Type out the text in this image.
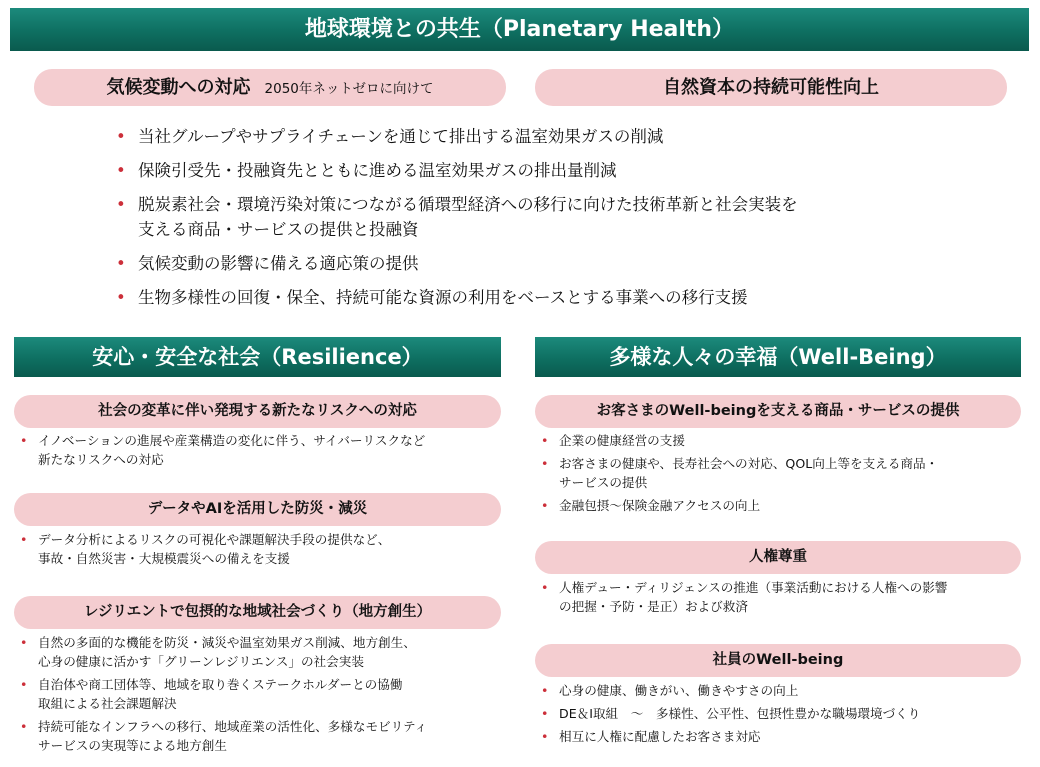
地球環境との共生（Planetary Health）
気候変動への対応 2050年ネットゼロに向けて	自然資本の持続可能性向上
• 当社グループやサプライチェーンを通じて排出する温室効果ガスの削減
• 保険引受先・投融資先とともに進める温室効果ガスの排出量削減
• 脱炭素社会・環境汚染対策につながる循環型経済への移行に向けた技術革新と社会実装を
支える商品・サービスの提供と投融資
• 気候変動の影響に備える適応策の提供
• 生物多様性の回復・保全、持続可能な資源の利用をベースとする事業への移行支援
安心・安全な社会（Resilience）	多様な人々の幸福（Well-Being）
社会の変革に伴い発現する新たなリスクへの対応
• イノベーションの進展や産業構造の変化に伴う、サイバーリスクなど
新たなリスクへの対応
データやAIを活用した防災・減災
• データ分析によるリスクの可視化や課題解決手段の提供など、
事故・自然災害・大規模震災への備えを支援
レジリエントで包摂的な地域社会づくり（地方創生）
• 自然の多面的な機能を防災・減災や温室効果ガス削減、地方創生、
心身の健康に活かす「グリーンレジリエンス」の社会実装
• 自治体や商工団体等、地域を取り巻くステークホルダーとの協働
取組による社会課題解決
• 持続可能なインフラへの移行、地域産業の活性化、多様なモビリティ
サービスの実現等による地方創生
お客さまのWell-beingを支える商品・サービスの提供
• 企業の健康経営の支援
• お客さまの健康や、長寿社会への対応、QOL向上等を支える商品・
サービスの提供
• 金融包摂～保険金融アクセスの向上
人権尊重
• 人権デュー・ディリジェンスの推進（事業活動における人権への影響
の把握・予防・是正）および救済
社員のWell-being
• 心身の健康、働きがい、働きやすさの向上
• DE＆I取組　～　多様性、公平性、包摂性豊かな職場環境づくり
• 相互に人権に配慮したお客さま対応
